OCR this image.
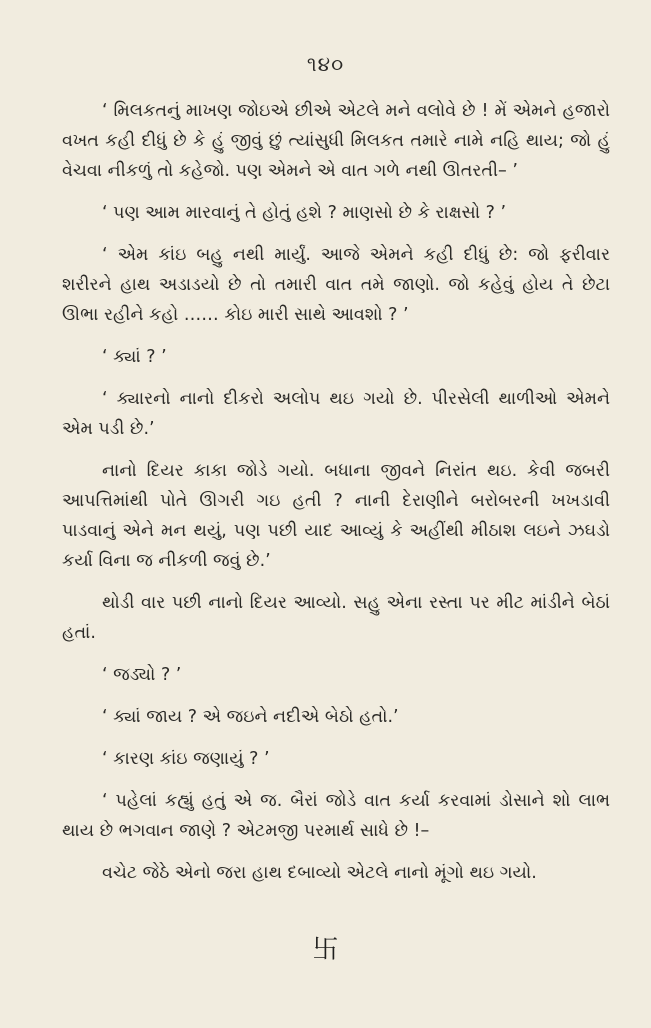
૧૪૦

‘ મિલકતનું માખણ જોઇએ છીએ એટલે મને વલોવે છે ! મેં એમને હજારો વખત કહી દીધું છે કે હું જીવું છું ત્યાંસુધી મિલકત તમારે નામે નહિ થાય; જો હું વેચવા નીકળું તો કહેજો. પણ એમને એ વાત ગળે નથી ઊતરતી– ’

‘ પણ આમ મારવાનું તે હોતું હશે ? માણસો છે કે રાક્ષસો ? ’

‘ એમ કાંઇ બહુ નથી માર્યું. આજે એમને કહી દીધું છે: જો ફરીવાર શરીરને હાથ અડાડયો છે તો તમારી વાત તમે જાણો. જો કહેવું હોય તે છેટા ઊભા રહીને કહો …… કોઇ મારી સાથે આવશો ? ’

‘ ક્યાં ? ’

‘ ક્યારનો નાનો દીકરો અલોપ થઇ ગયો છે. પીરસેલી થાળીઓ એમને એમ પડી છે.’

નાનો દિયર કાકા જોડે ગયો. બધાના જીવને નિરાંત થઇ. કેવી જબરી આપત્તિમાંથી પોતે ઊગરી ગઇ હતી ? નાની દેરાણીને બરોબરની ખખડાવી પાડવાનું એને મન થયું, પણ પછી યાદ આવ્યું કે અહીંથી મીઠાશ લઇને ઝઘડો કર્યા વિના જ નીકળી જવું છે.’

થોડી વાર પછી નાનો દિયર આવ્યો. સહુ એના રસ્તા પર મીટ માંડીને બેઠાં હતાં.

‘ જડ્યો ? ’

‘ ક્યાં જાય ? એ જઇને નદીએ બેઠો હતો.’

‘ કારણ કાંઇ જણાયું ? ’

‘ પહેલાં કહ્યું હતું એ જ. બૈરાં જોડે વાત કર્યા કરવામાં ડોસાને શો લાભ થાય છે ભગવાન જાણે ? એટમજી પરમાર્થ સાધે છે !–

વચેટ જેઠે એનો જરા હાથ દબાવ્યો એટલે નાનો મૂંગો થઇ ગયો.

卐
